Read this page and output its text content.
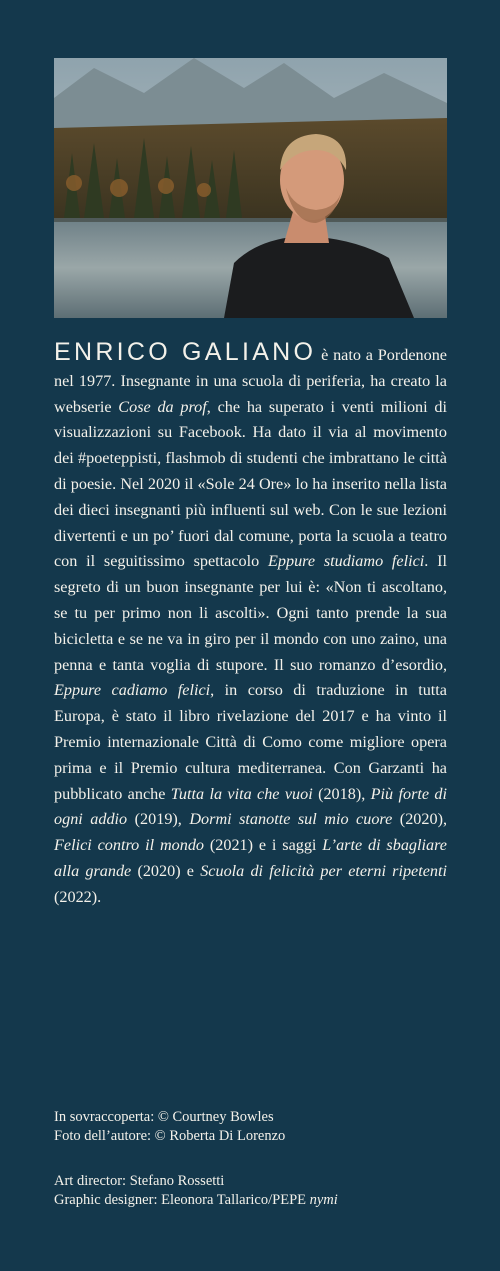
ENRICO GALIANO è nato a Pordenone nel 1977. Insegnante in una scuola di periferia, ha creato la webserie Cose da prof, che ha superato i venti milioni di visualizzazioni su Facebook. Ha dato il via al movimento dei #poeteppisti, flashmob di studenti che imbrattano le città di poesie. Nel 2020 il «Sole 24 Ore» lo ha inserito nella lista dei dieci insegnanti più influenti sul web. Con le sue lezioni divertenti e un po’ fuori dal comune, porta la scuola a teatro con il seguitissimo spettacolo Eppure studiamo felici. Il segreto di un buon insegnante per lui è: «Non ti ascoltano, se tu per primo non li ascolti». Ogni tanto prende la sua bicicletta e se ne va in giro per il mondo con uno zaino, una penna e tanta voglia di stupore. Il suo romanzo d’esordio, Eppure cadiamo felici, in corso di traduzione in tutta Europa, è stato il libro rivelazione del 2017 e ha vinto il Premio internazionale Città di Como come migliore opera prima e il Premio cultura mediterranea. Con Garzanti ha pubblicato anche Tutta la vita che vuoi (2018), Più forte di ogni addio (2019), Dormi stanotte sul mio cuore (2020), Felici contro il mondo (2021) e i saggi L’arte di sbagliare alla grande (2020) e Scuola di felicità per eterni ripetenti (2022).
In sovraccoperta: © Courtney Bowles
Foto dell’autore: © Roberta Di Lorenzo
Art director: Stefano Rossetti
Graphic designer: Eleonora Tallarico/PEPE nymi
